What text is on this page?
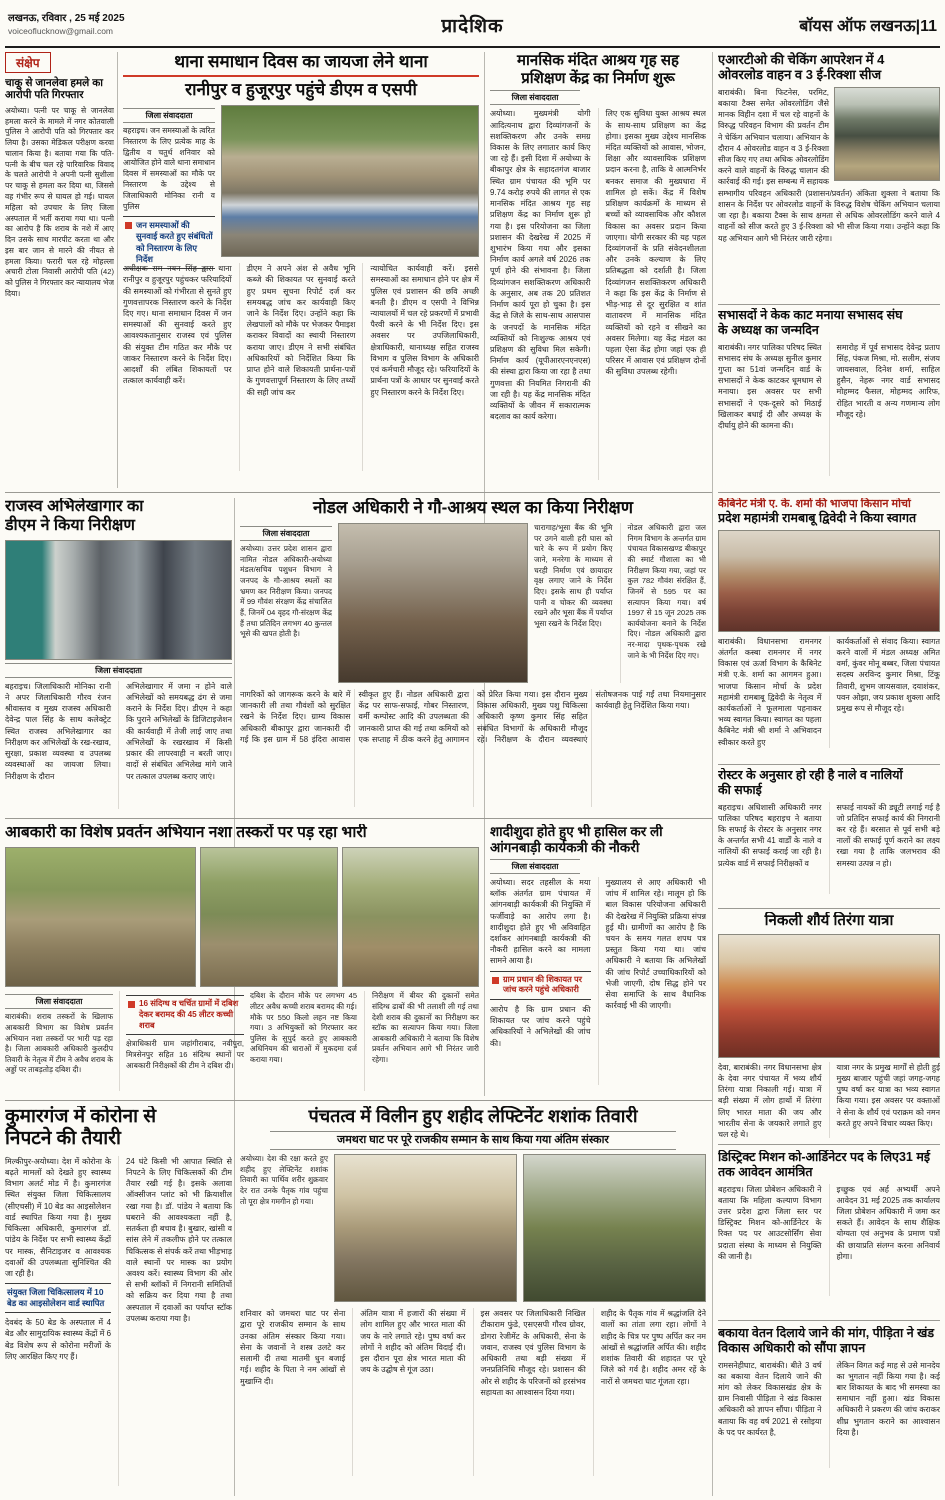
लखनऊ, रविवार , 25 मई 2025
voiceoflucknow@gmail.com	प्रादेशिक	बॉयस ऑफ लखनऊ|11
संक्षेप
चाकू से जानलेवा हमले का आरोपी पति गिरफ्तार
अयोध्या। पत्नी पर चाकू से जानलेवा हमला करने के मामले में नगर कोतवाली पुलिस ने आरोपी पति को गिरफ्तार कर लिया है। उसका मेडिकल परीक्षण करवा चालान किया है। बताया गया कि पति-पत्नी के बीच चल रहे पारिवारिक विवाद के चलते आरोपी ने अपनी पत्नी सुशीला पर चाकू से हमला कर दिया था, जिससे वह गंभीर रूप से घायल हो गई। घायल महिला को उपचार के लिए जिला अस्पताल में भर्ती कराया गया था। पत्नी का आरोप है कि शराब के नशे में आए दिन उसके साथ मारपीट करता था और इस बार जान से मारने की नीयत से हमला किया। फरारी चल रहे मोहल्ला अचारी टोला निवासी आरोपी पति (42) को पुलिस ने गिरफ्तार कर न्यायालय भेज दिया।
थाना समाधान दिवस का जायजा लेने थाना
रानीपुर व हुजूरपुर पहुंचे डीएम व एसपी
जिला संवाददाता
बहराइच। जन समस्याओं के त्वरित निस्तारण के लिए प्रत्येक माह के द्वितीय व चतुर्थ शनिवार को आयोजित होने वाले थाना समाधान दिवस में समस्याओं का मौके पर निस्तारण के उद्देश्य से जिलाधिकारी मोनिका रानी व पुलिस
जन समस्याओं की सुनवाई करते हुए संबंधितों को निस्तारण के लिए निर्देश
अधीक्षक राम नयन सिंह द्वारा थाना रानीपुर व हुजूरपुर पहुंचकर फरियादियों की समस्याओं को गंभीरता से सुनते हुए गुणवत्तापरक निस्तारण करने के निर्देश दिए गए। थाना समाधान दिवस में जन समस्याओं की सुनवाई करते हुए आवश्यकतानुसार राजस्व एवं पुलिस की संयुक्त टीम गठित कर मौके पर जाकर निस्तारण करने के निर्देश दिए। आदर्शों की लंबित शिकायतों पर तत्काल कार्यवाही करें।
डीएम ने अपने अंश से अवैध भूमि कब्जे की शिकायत पर सुनवाई करते हुए प्रथम सूचना रिपोर्ट दर्ज कर समयबद्ध जांच कर कार्यवाही किए जाने के निर्देश दिए। उन्होंने कहा कि लेखपालों को मौके पर भेजकर पैमाइश कराकर विवादों का स्थायी निस्तारण कराया जाए। डीएम ने सभी संबंधित अधिकारियों को निर्देशित किया कि प्राप्त होने वाले शिकायती प्रार्थना-पत्रों के गुणवत्तापूर्ण निस्तारण के लिए तथ्यों की सही जांच कर
न्यायोचित कार्यवाही करें। इससे समस्याओं का समाधान होने पर क्षेत्र में पुलिस एवं प्रशासन की छवि अच्छी बनती है। डीएम व एसपी ने विभिन्न न्यायालयों में चल रहे प्रकरणों में प्रभावी पैरवी करने के भी निर्देश दिए। इस अवसर पर उपजिलाधिकारी, क्षेत्राधिकारी, थानाध्यक्ष सहित राजस्व विभाग व पुलिस विभाग के अधिकारी एवं कर्मचारी मौजूद रहे। फरियादियों के प्रार्थना पत्रों के आधार पर सुनवाई करते हुए निस्तारण करने के निर्देश दिए।
मानसिक मंदित आश्रय गृह सह
प्रशिक्षण केंद्र का निर्माण शुरू
जिला संवाददाता
अयोध्या। मुख्यमंत्री योगी आदित्यनाथ द्वारा दिव्यांगजनों के सशक्तिकरण और उनके समग्र विकास के लिए लगातार कार्य किए जा रहे हैं। इसी दिशा में अयोध्या के बीकापुर क्षेत्र के सहादतगंज बाजार स्थित ग्राम पंचायत की भूमि पर 9.74 करोड़ रुपये की लागत से एक मानसिक मंदित आश्रय गृह सह प्रशिक्षण केंद्र का निर्माण शुरू हो गया है। इस परियोजना का जिला प्रशासन की देखरेख में 2025 में शुभारंभ किया गया और इसका निर्माण कार्य अगले वर्ष 2026 तक पूर्ण होने की संभावना है। जिला दिव्यांगजन सशक्तिकरण अधिकारी के अनुसार, अब तक 20 प्रतिशत निर्माण कार्य पूरा हो चुका है। इस केंद्र से जिले के साथ-साथ आसपास के जनपदों के मानसिक मंदित व्यक्तियों को निःशुल्क आश्रय एवं प्रशिक्षण की सुविधा मिल सकेगी। निर्माण कार्य (यूपीआरएनएनएस) की संस्था द्वारा किया जा रहा है तथा गुणवत्ता की नियमित निगरानी की जा रही है। यह केंद्र मानसिक मंदित व्यक्तियों के जीवन में सकारात्मक बदलाव का कार्य करेगा।
लिए एक सुविधा युक्त आश्रय स्थल के साथ-साथ प्रशिक्षण का केंद्र होगा। इसका मुख्य उद्देश्य मानसिक मंदित व्यक्तियों को आवास, भोजन, शिक्षा और व्यावसायिक प्रशिक्षण प्रदान करना है, ताकि वे आत्मनिर्भर बनकर समाज की मुख्यधारा में शामिल हो सकें। केंद्र में विशेष प्रशिक्षण कार्यक्रमों के माध्यम से बच्चों को व्यावसायिक और कौशल विकास का अवसर प्रदान किया जाएगा। योगी सरकार की यह पहल दिव्यांगजनों के प्रति संवेदनशीलता और उनके कल्याण के लिए प्रतिबद्धता को दर्शाती है। जिला दिव्यांगजन सशक्तिकरण अधिकारी ने कहा कि इस केंद्र के निर्माण से भीड़-भाड़ से दूर सुरक्षित व शांत वातावरण में मानसिक मंदित व्यक्तियों को रहने व सीखने का अवसर मिलेगा। यह केंद्र मंडल का पहला ऐसा केंद्र होगा जहां एक ही परिसर में आवास एवं प्रशिक्षण दोनों की सुविधा उपलब्ध रहेगी।
एआरटीओ की चेकिंग आपरेशन में 4
ओवरलोड वाहन व 3 ई-रिक्शा सीज
बाराबंकी। बिना फिटनेस, परमिट, बकाया टैक्स समेत ओवरलोडिंग जैसे मानक विहीन दशा में चल रहे वाहनों के विरुद्ध परिवहन विभाग की प्रवर्तन टीम ने चेकिंग अभियान चलाया। अभियान के दौरान 4 ओवरलोड वाहन व 3 ई-रिक्शा सीज किए गए तथा अधिक ओवरलोडिंग करने वाले वाहनों के विरुद्ध चालान की कार्रवाई की गई। इस सम्बन्ध में सहायक सम्भागीय परिवहन अधिकारी (प्रशासन/प्रवर्तन) अंकिता शुक्ला ने बताया कि शासन के निर्देश पर ओवरलोड वाहनों के विरुद्ध विशेष चेकिंग अभियान चलाया जा रहा है। बकाया टैक्स के साथ क्षमता से अधिक ओवरलोडिंग करने वाले 4 वाहनों को सीज करते हुए 3 ई-रिक्शा को भी सीज किया गया। उन्होंने कहा कि यह अभियान आगे भी निरंतर जारी रहेगा।
सभासदों ने केक काट मनाया सभासद संघ
के अध्यक्ष का जन्मदिन
बाराबंकी। नगर पालिका परिषद स्थित सभासद संघ के अध्यक्ष सुनील कुमार गुप्ता का 51वां जन्मदिन वार्ड के सभासदों ने केक काटकर धूमधाम से मनाया। इस अवसर पर सभी सभासदों ने एक-दूसरे को मिठाई खिलाकर बधाई दी और अध्यक्ष के दीर्घायु होने की कामना की।
समारोह में पूर्व सभासद देवेन्द्र प्रताप सिंह, पंकज मिश्रा, मो. सलीम, संजय जायसवाल, दिनेश शर्मा, साहिल हुसैन, नेहरू नगर वार्ड सभासद मोहम्मद फैसल, मोहम्मद आरिफ, रोहित भारती व अन्य गणमान्य लोग मौजूद रहे।
राजस्व अभिलेखागार का
डीएम ने किया निरीक्षण
जिला संवाददाता
बहराइच। जिलाधिकारी मोनिका रानी ने अपर जिलाधिकारी गौरव रंजन श्रीवास्तव व मुख्य राजस्व अधिकारी देवेन्द्र पाल सिंह के साथ कलेक्ट्रेट स्थित राजस्व अभिलेखागार का निरीक्षण कर अभिलेखों के रख-रखाव, सुरक्षा, प्रकाश व्यवस्था व उपलब्ध व्यवस्थाओं का जायजा लिया। निरीक्षण के दौरान
अभिलेखागार में जमा न होने वाले अभिलेखों को समयबद्ध ढंग से जमा कराने के निर्देश दिए। डीएम ने कहा कि पुराने अभिलेखों के डिजिटाइजेशन की कार्यवाही में तेजी लाई जाए तथा अभिलेखों के रखरखाव में किसी प्रकार की लापरवाही न बरती जाए। वादों से संबंधित अभिलेख मांगे जाने पर तत्काल उपलब्ध कराए जाएं।
नोडल अधिकारी ने गौ-आश्रय स्थल का किया निरीक्षण
जिला संवाददाता
अयोध्या। उत्तर प्रदेश शासन द्वारा नामित नोडल अधिकारी-अयोध्या मंडल/सचिव पशुधन विभाग ने जनपद के गौ-आश्रय स्थलों का भ्रमण कर निरीक्षण किया। जनपद में 99 गौवंश संरक्षण केंद्र संचालित हैं, जिनमें 04 वृहद गौ-संरक्षण केंद्र हैं तथा प्रतिदिन लगभग 40 कुन्तल भूसे की खपत होती है।
चारागाह/भूसा बैंक की भूमि पर उगने वाली हरी घास को चारे के रूप में प्रयोग किए जाने, मनरेगा के माध्यम से चरही निर्माण एवं छायादार वृक्ष लगाए जाने के निर्देश दिए। इसके साथ ही पर्याप्त पानी व चोकर की व्यवस्था रखने और भूसा बैंक में पर्याप्त भूसा रखने के निर्देश दिए।
नोडल अधिकारी द्वारा जल निगम विभाग के अन्तर्गत ग्राम पंचायत विकासखण्ड बीकापुर की स्मार्ट गौशाला का भी निरीक्षण किया गया, जहां पर कुल 782 गौवंश संरक्षित हैं, जिनमें से 595 पर का सत्यापन किया गया। वर्ष 1997 से 15 जून 2025 तक कार्ययोजना बनाने के निर्देश दिए। नोडल अधिकारी द्वारा नर-मादा पृथक-पृथक रखे जाने के भी निर्देश दिए गए।
नागरिकों को जागरूक करने के बारे में जानकारी ली तथा गौवंशों को सुरक्षित रखने के निर्देश दिए। ग्राम्य विकास अधिकारी बीकापुर द्वारा जानकारी दी गई कि इस ग्राम में 58 इंदिरा आवास स्वीकृत हुए हैं। नोडल अधिकारी द्वारा केंद्र पर साफ-सफाई, गोबर निस्तारण, वर्मी कम्पोस्ट आदि की उपलब्धता की जानकारी प्राप्त की गई तथा कमियों को एक सप्ताह में ठीक करने हेतु आगामन को प्रेरित किया गया। इस दौरान मुख्य विकास अधिकारी, मुख्य पशु चिकित्सा अधिकारी कृष्ण कुमार सिंह सहित संबंधित विभागों के अधिकारी मौजूद रहे। निरीक्षण के दौरान व्यवस्थाएं संतोषजनक पाई गईं तथा नियमानुसार कार्यवाही हेतु निर्देशित किया गया।
कैबिनेट मंत्री ए. के. शर्मा की भाजपा किसान मोर्चा
प्रदेश महामंत्री रामबाबू द्विवेदी ने किया स्वागत
बाराबंकी। विधानसभा रामनगर अंतर्गत कस्बा रामनगर में नगर विकास एवं ऊर्जा विभाग के कैबिनेट मंत्री ए.के. शर्मा का आगमन हुआ। भाजपा किसान मोर्चा के प्रदेश महामंत्री रामबाबू द्विवेदी के नेतृत्व में कार्यकर्ताओं ने फूलमाला पहनाकर भव्य स्वागत किया। स्वागत का पहला कैबिनेट मंत्री श्री शर्मा ने अभिवादन स्वीकार करते हुए
कार्यकर्ताओं से संवाद किया। स्वागत करने वालों में मंडल अध्यक्ष अमित वर्मा, कुंवर मोनू बब्बर, जिला पंचायत सदस्य अरविन्द कुमार मिश्रा, टिंकू तिवारी, शुभम जायसवाल, दयाशंकर, पवन ओझा, जय प्रकाश शुक्ला आदि प्रमुख रूप से मौजूद रहे।
रोस्टर के अनुसार हो रही है नाले व नालियों
की सफाई
बहराइच। अधिशासी अधिकारी नगर पालिका परिषद बहराइच ने बताया कि सफाई के रोस्टर के अनुसार नगर के अन्तर्गत सभी 41 वार्डों के नाले व नालियों की सफाई कराई जा रही है। प्रत्येक वार्ड में सफाई निरीक्षकों व
सफाई नायकों की ड्यूटी लगाई गई है जो प्रतिदिन सफाई कार्य की निगरानी कर रहे हैं। बरसात से पूर्व सभी बड़े नालों की सफाई पूर्ण कराने का लक्ष्य रखा गया है ताकि जलभराव की समस्या उत्पन्न न हो।
आबकारी का विशेष प्रवर्तन अभियान नशा तस्करों पर पड़ रहा भारी
जिला संवाददाता
बाराबंकी। शराब तस्करों के खिलाफ आबकारी विभाग का विशेष प्रवर्तन अभियान नशा तस्करों पर भारी पड़ रहा है। जिला आबकारी अधिकारी कुलदीप तिवारी के नेतृत्व में टीम ने अवैध शराब के अड्डों पर ताबड़तोड़ दबिश दी।
16 संदिग्ध व चर्चित ग्रामों में दबिश देकर बरामद की 45 लीटर कच्ची शराब
क्षेत्राधिकारी ग्राम जहांगीराबाद, नवीपुरा, मित्रसेनपुर सहित 16 संदिग्ध स्थानों पर आबकारी निरीक्षकों की टीम ने दबिश दी।
दबिश के दौरान मौके पर लगभग 45 लीटर अवैध कच्ची शराब बरामद की गई। मौके पर 550 किलो लहन नष्ट किया गया। 3 अभियुक्तों को गिरफ्तार कर पुलिस के सुपुर्द करते हुए आबकारी अधिनियम की धाराओं में मुकदमा दर्ज कराया गया।
निरीक्षण में बीयर की दुकानों समेत संदिग्ध ढाबों की भी तलाशी ली गई तथा देशी शराब की दुकानों का निरीक्षण कर स्टॉक का सत्यापन किया गया। जिला आबकारी अधिकारी ने बताया कि विशेष प्रवर्तन अभियान आगे भी निरंतर जारी रहेगा।
शादीशुदा होते हुए भी हासिल कर ली
आंगनबाड़ी कार्यकत्री की नौकरी
जिला संवाददाता
अयोध्या। सदर तहसील के मया ब्लॉक अंतर्गत ग्राम पंचायत में आंगनबाड़ी कार्यकत्री की नियुक्ति में फर्जीवाड़े का आरोप लगा है। शादीशुदा होते हुए भी अविवाहित दर्शाकर आंगनबाड़ी कार्यकत्री की नौकरी हासिल करने का मामला सामने आया है।
ग्राम प्रधान की शिकायत पर जांच करने पहुंचे अधिकारी
आरोप है कि ग्राम प्रधान की शिकायत पर जांच करने पहुंचे अधिकारियों ने अभिलेखों की जांच की।
मुख्यालय से आए अधिकारी भी जांच में शामिल रहे। मालूम हो कि बाल विकास परियोजना अधिकारी की देखरेख में नियुक्ति प्रक्रिया संपन्न हुई थी। ग्रामीणों का आरोप है कि चयन के समय गलत शपथ पत्र प्रस्तुत किया गया था। जांच अधिकारी ने बताया कि अभिलेखों की जांच रिपोर्ट उच्चाधिकारियों को भेजी जाएगी, दोष सिद्ध होने पर सेवा समाप्ति के साथ वैधानिक कार्रवाई भी की जाएगी।
निकली शौर्य तिरंगा यात्रा
देवा, बाराबंकी। नगर विधानसभा क्षेत्र के देवा नगर पंचायत में भव्य शौर्य तिरंगा यात्रा निकाली गई। यात्रा में बड़ी संख्या में लोग हाथों में तिरंगा लिए भारत माता की जय और भारतीय सेना के जयकारे लगाते हुए चल रहे थे।
यात्रा नगर के प्रमुख मार्गों से होती हुई मुख्य बाजार पहुंची जहां जगह-जगह पुष्प वर्षा कर यात्रा का भव्य स्वागत किया गया। इस अवसर पर वक्ताओं ने सेना के शौर्य एवं पराक्रम को नमन करते हुए अपने विचार व्यक्त किए।
कुमारगंज में कोरोना से
निपटने की तैयारी
मिल्कीपुर-अयोध्या। देश में कोरोना के बढ़ते मामलों को देखते हुए स्वास्थ्य विभाग अलर्ट मोड में है। कुमारगंज स्थित संयुक्त जिला चिकित्सालय (सीएचसी) में 10 बेड का आइसोलेशन वार्ड स्थापित किया गया है। मुख्य चिकित्सा अधिकारी, कुमारगंज डॉ. पांडेय के निर्देश पर सभी स्वास्थ्य केंद्रों पर मास्क, सैनिटाइजर व आवश्यक दवाओं की उपलब्धता सुनिश्चित की जा रही है।
संयुक्त जिला चिकित्सालय में 10 बेड का आइसोलेशन वार्ड स्थापित
देवबंद के 50 बेड के अस्पताल में 4 बेड और सामुदायिक स्वास्थ्य केंद्रों में 6 बेड विशेष रूप से कोरोना मरीजों के लिए आरक्षित किए गए हैं।
24 घंटे किसी भी आपात स्थिति से निपटने के लिए चिकित्सकों की टीम तैयार रखी गई है। इसके अलावा ऑक्सीजन प्लांट को भी क्रियाशील रखा गया है। डॉ. पांडेय ने बताया कि घबराने की आवश्यकता नहीं है, सतर्कता ही बचाव है। बुखार, खांसी व सांस लेने में तकलीफ होने पर तत्काल चिकित्सक से संपर्क करें तथा भीड़भाड़ वाले स्थानों पर मास्क का प्रयोग अवश्य करें। स्वास्थ्य विभाग की ओर से सभी ब्लॉकों में निगरानी समितियों को सक्रिय कर दिया गया है तथा अस्पताल में दवाओं का पर्याप्त स्टॉक उपलब्ध कराया गया है।
पंचतत्व में विलीन हुए शहीद लेफ्टिनेंट शशांक तिवारी
जमथरा घाट पर पूरे राजकीय सम्मान के साथ किया गया अंतिम संस्कार
अयोध्या। देश की रक्षा करते हुए शहीद हुए लेफ्टिनेंट शशांक तिवारी का पार्थिव शरीर शुक्रवार देर रात उनके पैतृक गांव पहुंचा तो पूरा क्षेत्र गमगीन हो गया।
शनिवार को जमथरा घाट पर सेना द्वारा पूरे राजकीय सम्मान के साथ उनका अंतिम संस्कार किया गया। सेना के जवानों ने शस्त्र उलटे कर सलामी दी तथा मातमी धुन बजाई गई। शहीद के पिता ने नम आंखों से मुखाग्नि दी।
अंतिम यात्रा में हजारों की संख्या में लोग शामिल हुए और भारत माता की जय के नारे लगाते रहे। पुष्प वर्षा कर लोगों ने शहीद को अंतिम विदाई दी। इस दौरान पूरा क्षेत्र भारत माता की जय के उद्घोष से गूंज उठा।
इस अवसर पर जिलाधिकारी निखिल टीकाराम फुंडे, एसएसपी गौरव ग्रोवर, डोगरा रेजीमेंट के अधिकारी, सेना के जवान, राजस्व एवं पुलिस विभाग के अधिकारी तथा बड़ी संख्या में जनप्रतिनिधि मौजूद रहे। प्रशासन की ओर से शहीद के परिजनों को हरसंभव सहायता का आश्वासन दिया गया।
शहीद के पैतृक गांव में श्रद्धांजलि देने वालों का तांता लगा रहा। लोगों ने शहीद के चित्र पर पुष्प अर्पित कर नम आंखों से श्रद्धांजलि अर्पित की। शहीद शशांक तिवारी की शहादत पर पूरे जिले को गर्व है। शहीद अमर रहें के नारों से जमथरा घाट गूंजता रहा।
डिस्ट्रिक्ट मिशन को-आर्डिनेटर पद के लिए31 मई तक आवेदन आमंत्रित
बहराइच। जिला प्रोबेशन अधिकारी ने बताया कि महिला कल्याण विभाग उत्तर प्रदेश द्वारा जिला स्तर पर डिस्ट्रिक्ट मिशन को-आर्डिनेटर के रिक्त पद पर आउटसोर्सिंग सेवा प्रदाता संस्था के माध्यम से नियुक्ति की जानी है।
इच्छुक एवं अर्ह अभ्यर्थी अपने आवेदन 31 मई 2025 तक कार्यालय जिला प्रोबेशन अधिकारी में जमा कर सकते हैं। आवेदन के साथ शैक्षिक योग्यता एवं अनुभव के प्रमाण पत्रों की छायाप्रति संलग्न करना अनिवार्य होगा।
बकाया वेतन दिलाये जाने की मांग, पीड़िता ने खंड विकास अधिकारी को सौंपा ज्ञापन
रामसनेहीघाट, बाराबंकी। बीते 3 वर्ष का बकाया वेतन दिलाये जाने की मांग को लेकर विकासखंड क्षेत्र के ग्राम निवासी पीड़िता ने खंड विकास अधिकारी को ज्ञापन सौंपा। पीड़िता ने बताया कि वह वर्ष 2021 से रसोइया के पद पर कार्यरत है,
लेकिन विगत कई माह से उसे मानदेय का भुगतान नहीं किया गया है। कई बार शिकायत के बाद भी समस्या का समाधान नहीं हुआ। खंड विकास अधिकारी ने प्रकरण की जांच कराकर शीघ्र भुगतान कराने का आश्वासन दिया है।
